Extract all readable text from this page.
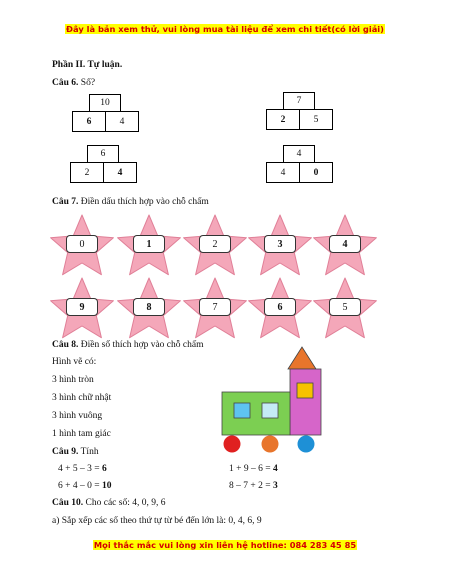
Đây là bản xem thử, vui lòng mua tài liệu để xem chi tiết(có lời giải)
Phần II. Tự luận.
Câu 6. Số?
10
6	4
7
2	5
6
2	4
4
4	0
Câu 7. Điền dấu thích hợp vào chỗ chấm
0	1	2	3	4
9	8	7	6	5
Câu 8. Điền số thích hợp vào chỗ chấm
Hình vẽ có:
3 hình tròn
3 hình chữ nhật
3 hình vuông
1 hình tam giác
Câu 9. Tính
4 + 5 – 3 = 6	1 + 9 – 6 = 4
6 + 4 – 0 = 10	8 – 7 + 2 = 3
Câu 10. Cho các số: 4, 0, 9, 6
a) Sắp xếp các số theo thứ tự từ bé đến lớn là: 0, 4, 6, 9
Mọi thắc mắc vui lòng xin liên hệ hotline: 084 283 45 85
